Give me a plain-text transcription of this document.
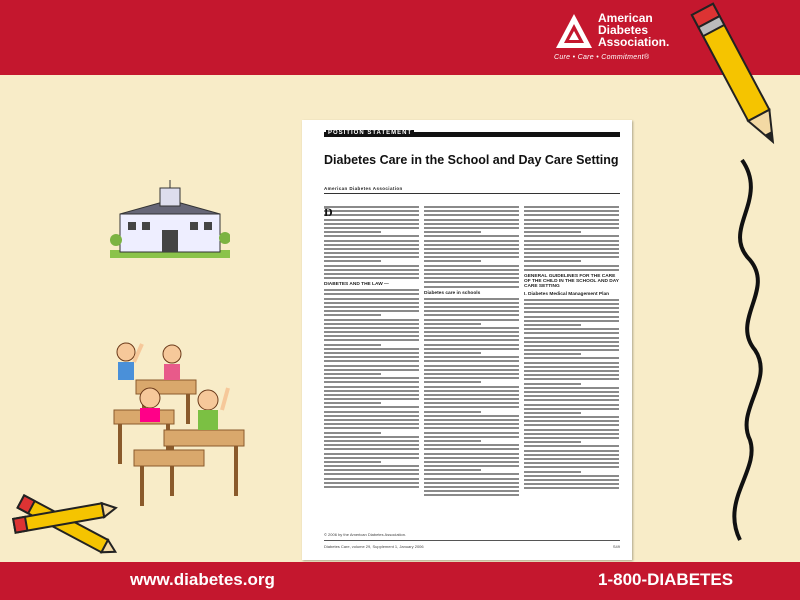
American
Diabetes
Association.
Cure • Care • Commitment®
POSITION STATEMENT
Diabetes Care in the School and Day Care Setting
American Diabetes Association
D
DIABETES AND THE LAW —
Diabetes care in schools
GENERAL GUIDELINES FOR THE CARE OF THE CHILD IN THE SCHOOL AND DAY CARE SETTING
I. Diabetes Medical Management Plan
Diabetes Care, volume 29, Supplement 1, January 2006	S49
© 2006 by the American Diabetes Association.
www.diabetes.org	1-800-DIABETES
